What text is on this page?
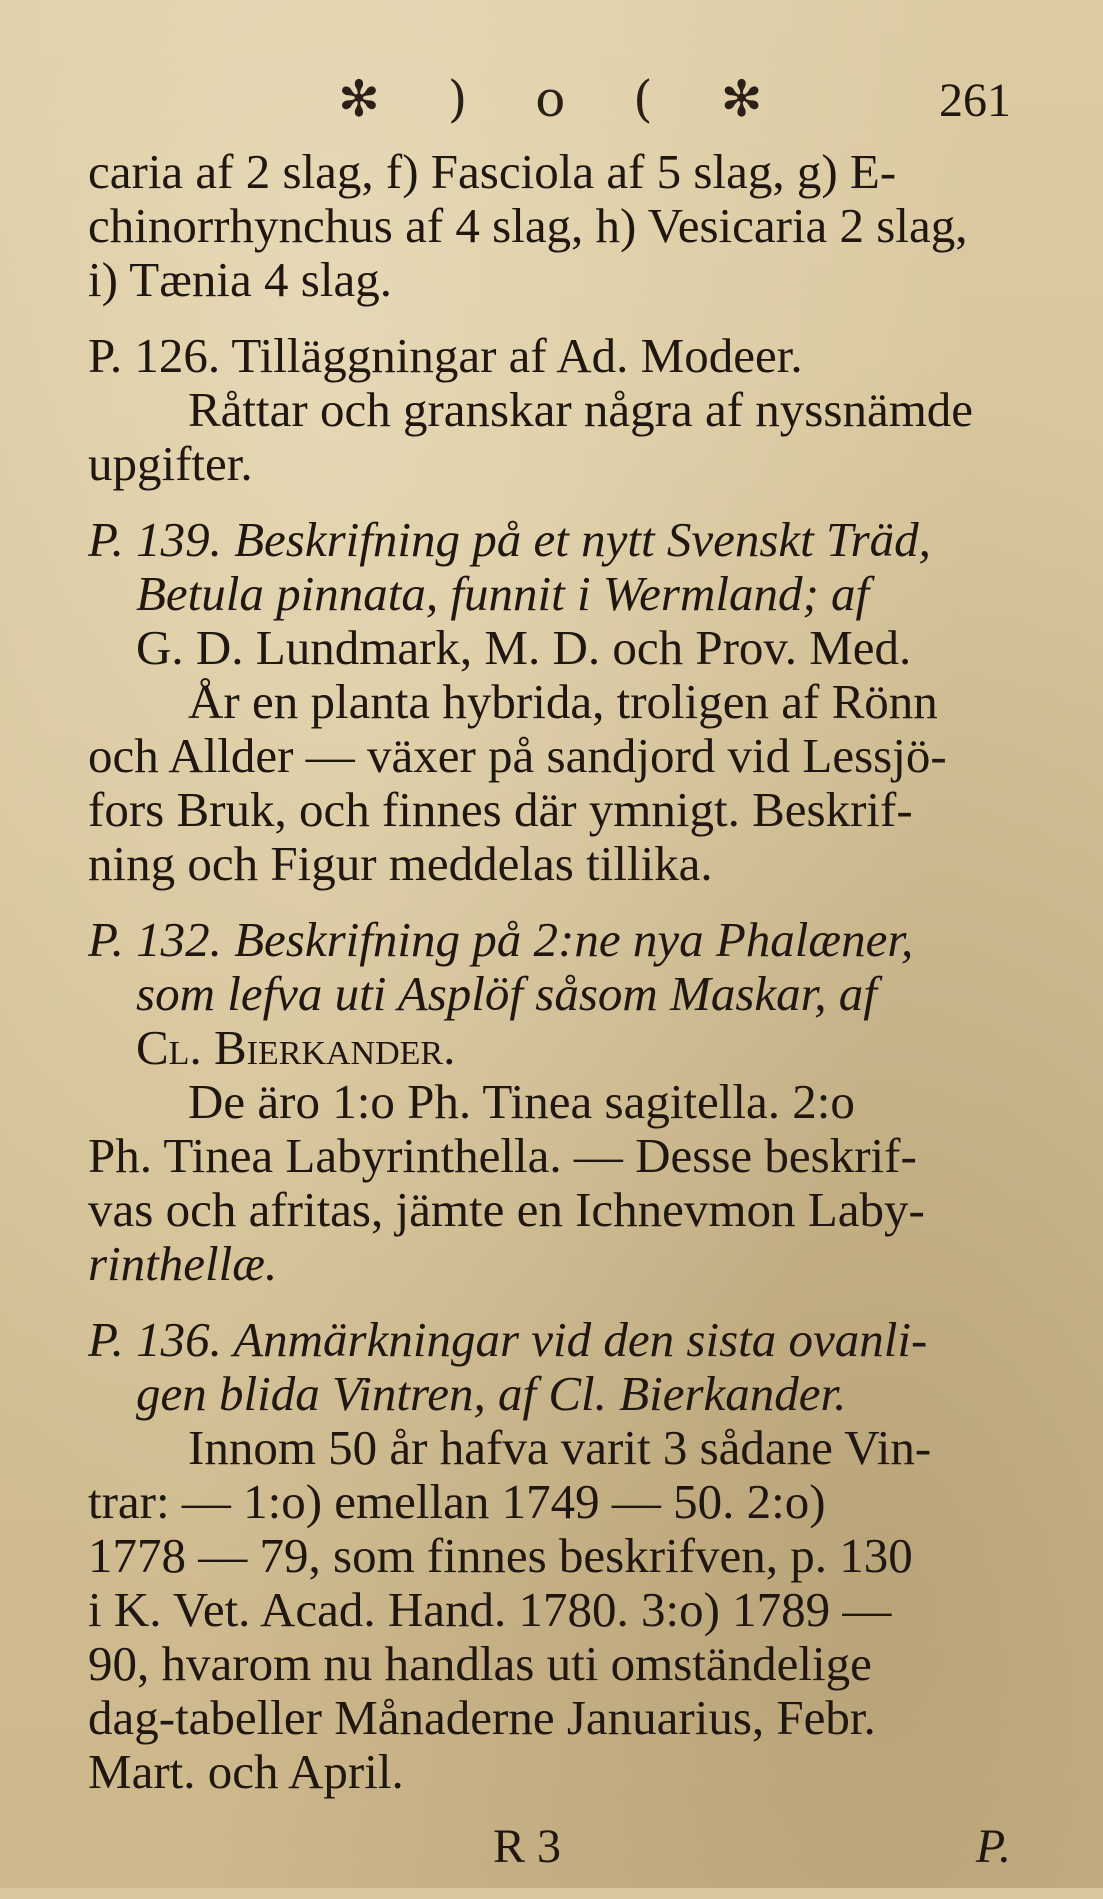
✻ ) o ( ✻	261
caria af 2 slag, f) Fasciola af 5 slag, g) E-
chinorrhynchus af 4 slag, h) Vesicaria 2 slag,
i) Tænia 4 slag.
P. 126. Tilläggningar af Ad. Modeer.
Råttar och granskar några af nyssnämde
upgifter.
P. 139. Beskrifning på et nytt Svenskt Träd,
Betula pinnata, funnit i Wermland; af
G. D. Lundmark, M. D. och Prov. Med.
År en planta hybrida, troligen af Rönn
och Allder — växer på sandjord vid Lessjö-
fors Bruk, och finnes där ymnigt. Beskrif-
ning och Figur meddelas tillika.
P. 132. Beskrifning på 2:ne nya Phalæner,
som lefva uti Asplöf såsom Maskar, af
Cl. Bierkander.
De äro 1:o Ph. Tinea sagitella. 2:o
Ph. Tinea Labyrinthella. — Desse beskrif-
vas och afritas, jämte en Ichnevmon Laby-
rinthellæ.
P. 136. Anmärkningar vid den sista ovanli-
gen blida Vintren, af Cl. Bierkander.
Innom 50 år hafva varit 3 sådane Vin-
trar: — 1:o) emellan 1749 — 50. 2:o)
1778 — 79, som finnes beskrifven, p. 130
i K. Vet. Acad. Hand. 1780. 3:o) 1789 —
90, hvarom nu handlas uti omständelige
dag-tabeller Månaderne Januarius, Febr.
Mart. och April.
R 3	P.
